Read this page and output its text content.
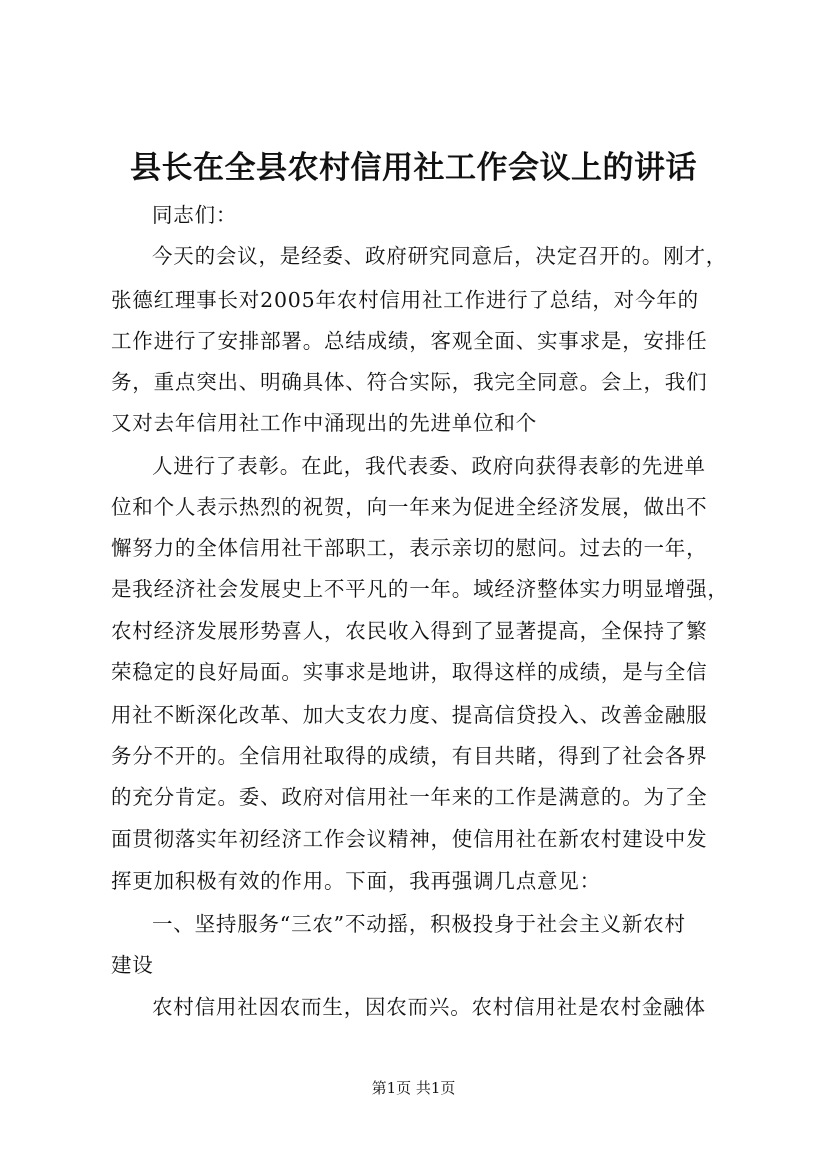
县长在全县农村信用社工作会议上的讲话
同志们：
今天的会议，是经委、政府研究同意后，决定召开的。刚才，
张德红理事长对2005年农村信用社工作进行了总结，对今年的
工作进行了安排部署。总结成绩，客观全面、实事求是，安排任
务，重点突出、明确具体、符合实际，我完全同意。会上，我们
又对去年信用社工作中涌现出的先进单位和个
人进行了表彰。在此，我代表委、政府向获得表彰的先进单
位和个人表示热烈的祝贺，向一年来为促进全经济发展，做出不
懈努力的全体信用社干部职工，表示亲切的慰问。过去的一年，
是我经济社会发展史上不平凡的一年。域经济整体实力明显增强，
农村经济发展形势喜人，农民收入得到了显著提高，全保持了繁
荣稳定的良好局面。实事求是地讲，取得这样的成绩，是与全信
用社不断深化改革、加大支农力度、提高信贷投入、改善金融服
务分不开的。全信用社取得的成绩，有目共睹，得到了社会各界
的充分肯定。委、政府对信用社一年来的工作是满意的。为了全
面贯彻落实年初经济工作会议精神，使信用社在新农村建设中发
挥更加积极有效的作用。下面，我再强调几点意见：
一、坚持服务“三农”不动摇，积极投身于社会主义新农村
建设
农村信用社因农而生，因农而兴。农村信用社是农村金融体
第1页 共1页
